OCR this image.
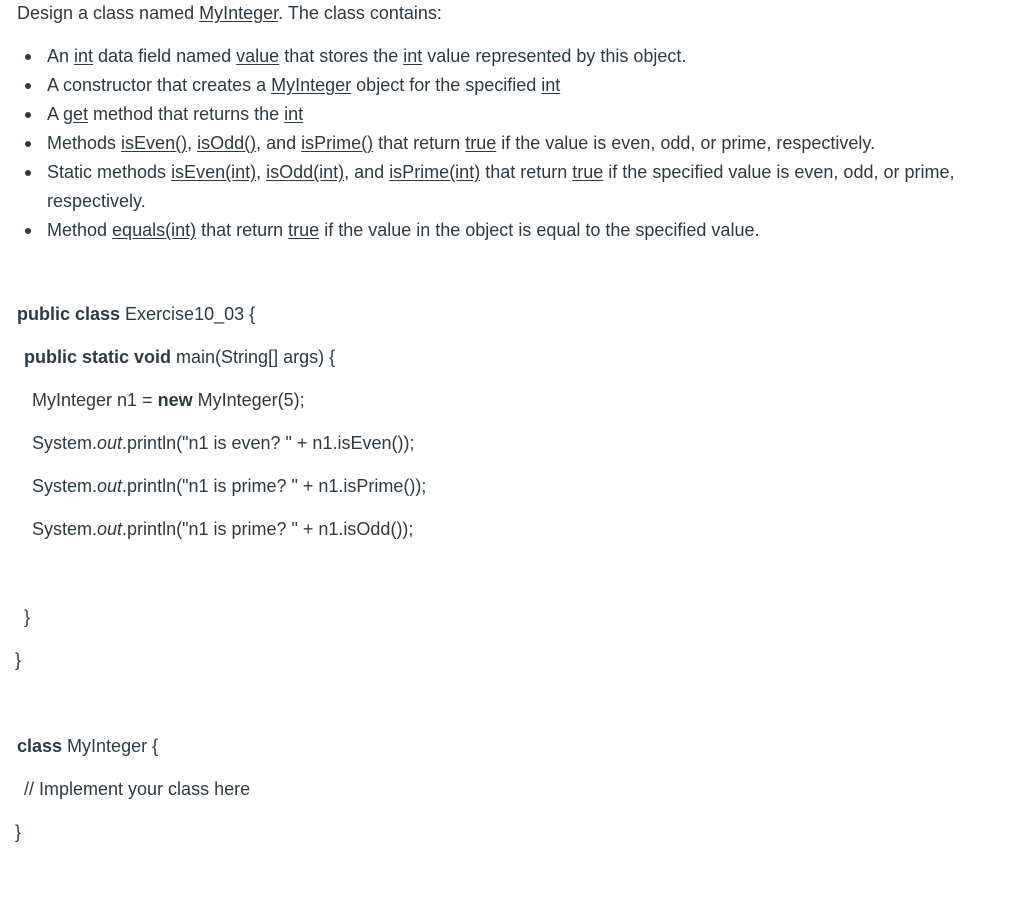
Design a class named MyInteger. The class contains:

An int data field named value that stores the int value represented by this object.
A constructor that creates a MyInteger object for the specified int
A get method that returns the int
Methods isEven(), isOdd(), and isPrime() that return true if the value is even, odd, or prime, respectively.
Static methods isEven(int), isOdd(int), and isPrime(int) that return true if the specified value is even, odd, or prime, respectively.
Method equals(int) that return true if the value in the object is equal to the specified value.

public class Exercise10_03 {

public static void main(String[] args) {

MyInteger n1 = new MyInteger(5);

System.out.println("n1 is even? " + n1.isEven());

System.out.println("n1 is prime? " + n1.isPrime());

System.out.println("n1 is prime? " + n1.isOdd());

}

}

class MyInteger {

// Implement your class here

}
